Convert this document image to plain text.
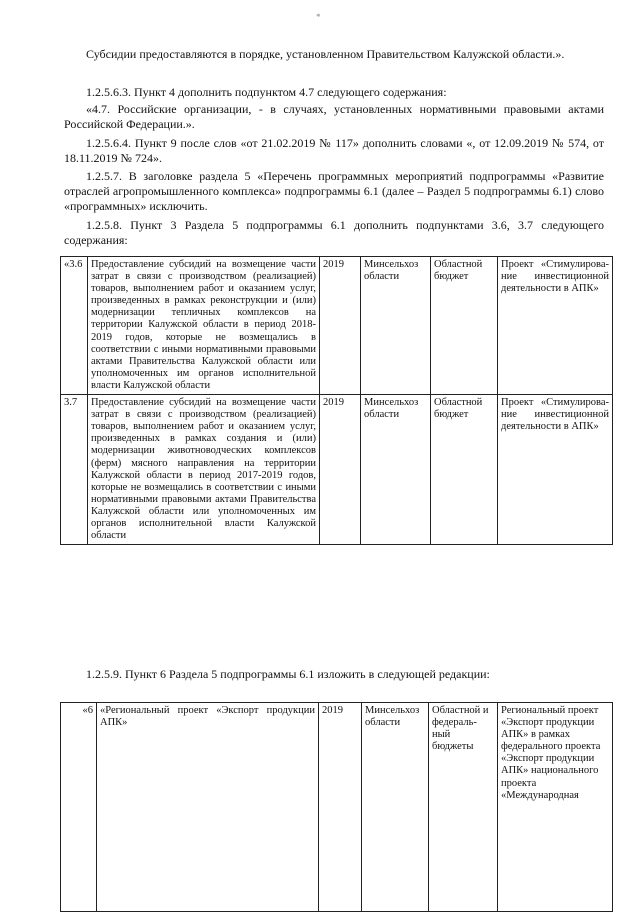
*

Субсидии предоставляются в порядке, установленном Правительством Калужской области.».

1.2.5.6.3. Пункт 4 дополнить подпунктом 4.7 следующего содержания:

«4.7. Российские организации, - в случаях, установленных нормативными правовыми актами Российской Федерации.».

1.2.5.6.4. Пункт 9 после слов «от 21.02.2019 № 117» дополнить словами «, от 12.09.2019 № 574, от 18.11.2019 № 724».

1.2.5.7. В заголовке раздела 5 «Перечень программных мероприятий подпрограммы «Развитие отраслей агропромышленного комплекса» подпрограммы 6.1 (далее – Раздел 5 подпрограммы 6.1) слово «программных» исключить.

1.2.5.8. Пункт 3 Раздела 5 подпрограммы 6.1 дополнить подпунктами 3.6, 3.7 следующего содержания:

«3.6	Предоставление субсидий на возмещение части затрат в связи с производством (реализацией) товаров, выполнением работ и оказанием услуг, произведенных в рамках реконструкции и (или) модернизации тепличных комплексов на территории Калужской области в период 2018-2019 годов, которые не возмещались в соответствии с иными нормативными правовыми актами Правительства Калужской области или уполномоченных им органов исполнительной власти Калужской области	2019	Минсельхоз области	Областной бюджет	Проект «Стимулирова-ние инвестиционной деятельности в АПК»
3.7	Предоставление субсидий на возмещение части затрат в связи с производством (реализацией) товаров, выполнением работ и оказанием услуг, произведенных в рамках создания и (или) модернизации животноводческих комплексов (ферм) мясного направления на территории Калужской области в период 2017-2019 годов, которые не возмещались в соответствии с иными нормативными правовыми актами Правительства Калужской области или уполномоченных им органов исполнительной власти Калужской области	2019	Минсельхоз области	Областной бюджет	Проект «Стимулирова-ние инвестиционной деятельности в АПК»

1.2.5.9. Пункт 6 Раздела 5 подпрограммы 6.1 изложить в следующей редакции:

«6	«Региональный проект «Экспорт продукции АПК»	2019	Минсельхоз области	Областной и федераль-ный бюджеты	Региональный проект «Экспорт продукции АПК» в рамках федерального проекта «Экспорт продукции АПК» национального проекта «Международная
